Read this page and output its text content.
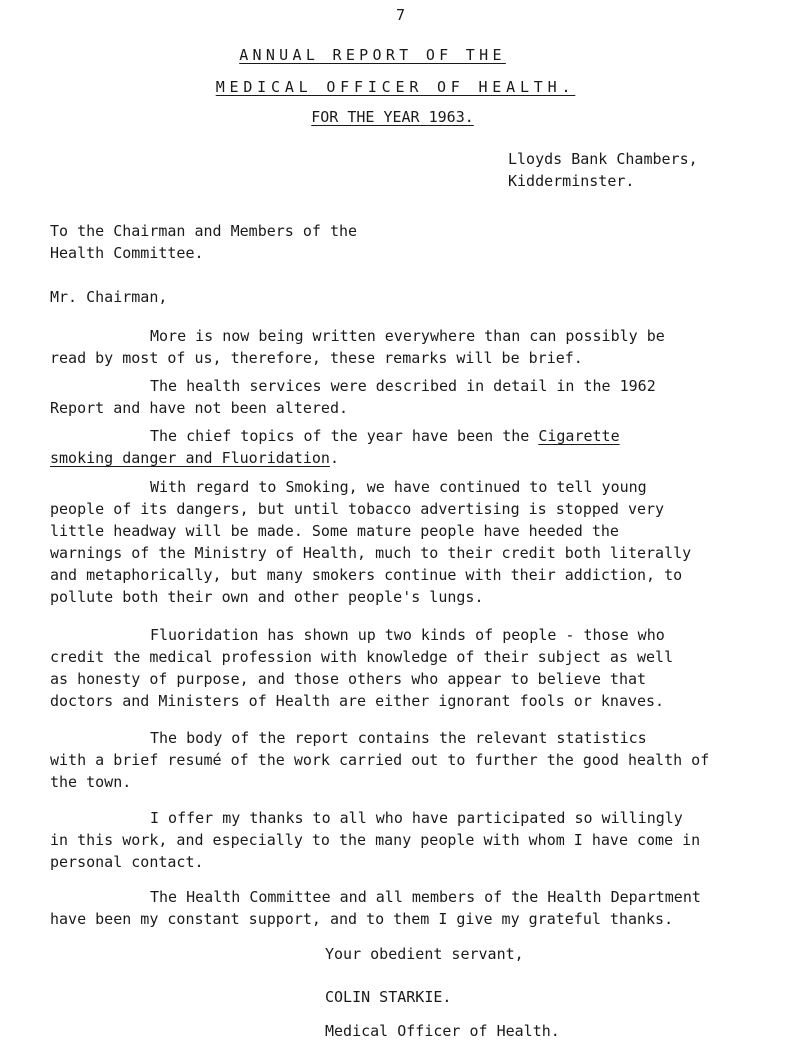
7
ANNUAL REPORT OF THE
MEDICAL OFFICER OF HEALTH.
FOR THE YEAR 1963.
Lloyds Bank Chambers,
Kidderminster.
To the Chairman and Members of the
Health Committee.
Mr. Chairman,

More is now being written everywhere than can possibly be
read by most of us, therefore, these remarks will be brief.

The health services were described in detail in the 1962
Report and have not been altered.

The chief topics of the year have been the Cigarette
smoking danger and Fluoridation.

With regard to Smoking, we have continued to tell young
people of its dangers, but until tobacco advertising is stopped very
little headway will be made. Some mature people have heeded the
warnings of the Ministry of Health, much to their credit both literally
and metaphorically, but many smokers continue with their addiction, to
pollute both their own and other people's lungs.

Fluoridation has shown up two kinds of people - those who
credit the medical profession with knowledge of their subject as well
as honesty of purpose, and those others who appear to believe that
doctors and Ministers of Health are either ignorant fools or knaves.

The body of the report contains the relevant statistics
with a brief resumé of the work carried out to further the good health of
the town.

I offer my thanks to all who have participated so willingly
in this work, and especially to the many people with whom I have come in
personal contact.

The Health Committee and all members of the Health Department
have been my constant support, and to them I give my grateful thanks.

Your obedient servant,
COLIN STARKIE.
Medical Officer of Health.
